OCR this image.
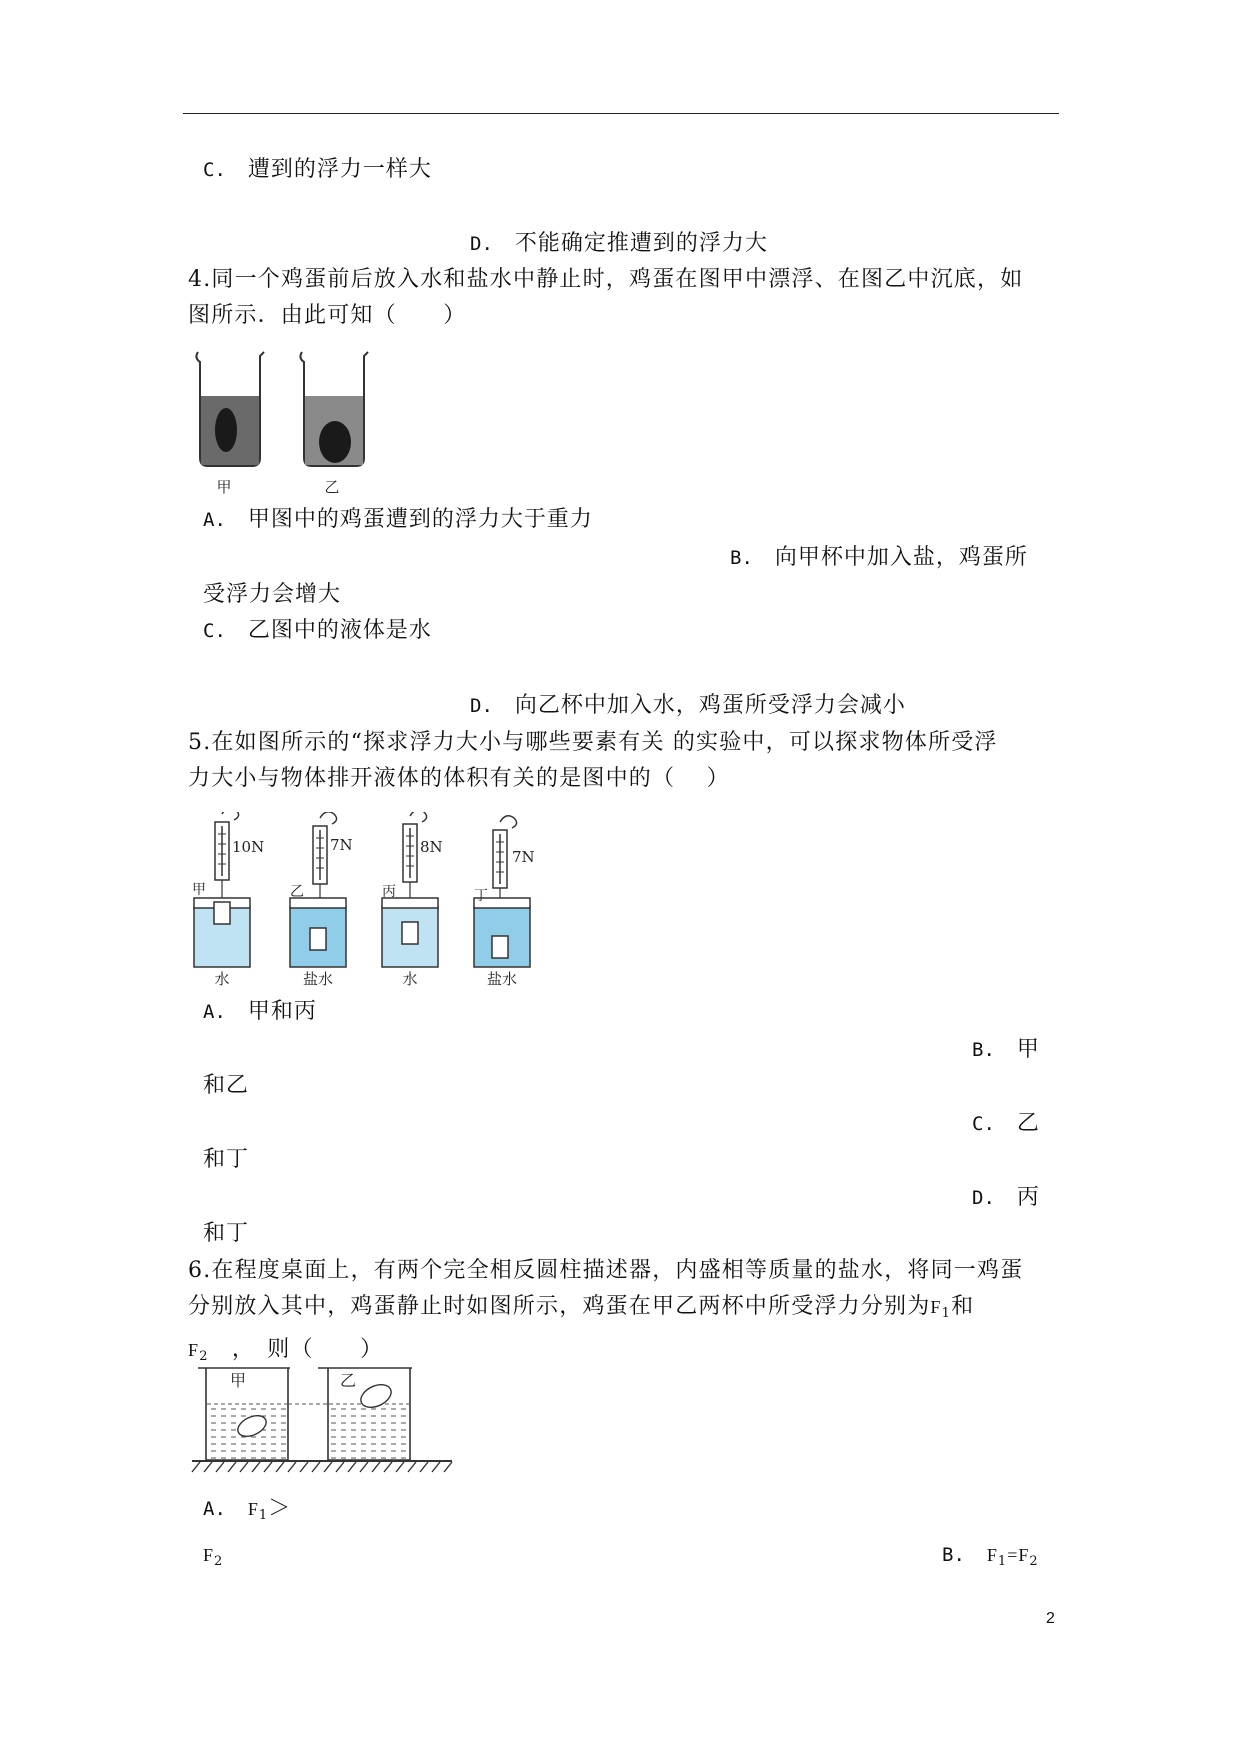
C. 遭到的浮力一样大
D. 不能确定推遭到的浮力大
4.同一个鸡蛋前后放入水和盐水中静止时，鸡蛋在图甲中漂浮、在图乙中沉底，如
图所示．由此可知（　　）
甲	乙
A. 甲图中的鸡蛋遭到的浮力大于重力
B. 向甲杯中加入盐，鸡蛋所
受浮力会增大
C. 乙图中的液体是水
D. 向乙杯中加入水，鸡蛋所受浮力会减小
5.在如图所示的“探求浮力大小与哪些要素有关 的实验中，可以探求物体所受浮
力大小与物体排开液体的体积有关的是图中的（　 ）
10N	7N	8N
7N
甲	乙	丙	丁
水	盐水	水	盐水
A. 甲和丙
B. 甲
和乙
C. 乙
和丁
D. 丙
和丁
6.在程度桌面上，有两个完全相反圆柱描述器，内盛相等质量的盐水，将同一鸡蛋
分别放入其中，鸡蛋静止时如图所示，鸡蛋在甲乙两杯中所受浮力分别为$F_1$和
$F_2$　，　则（　　）
甲	乙
A. $F_1>$
$F_2$	B. $F_1=F_2$
2
